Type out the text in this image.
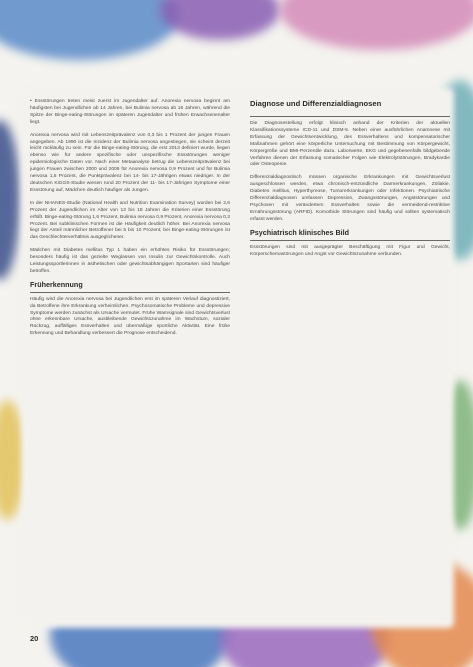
• Essstörungen treten meist zuerst im Jugendalter auf. Anorexia nervosa beginnt am häufigsten bei Jugendlichen ab 14 Jahren, bei Bulimia nervosa ab 16 Jahren, während die Spitze der Binge-eating-Störungen im späteren Jugendalter und frühen Erwachsenenalter liegt.

Anorexia nervosa wird mit Lebenszeitprävalenz von 0,3 bis 1 Prozent der jungen Frauen angegeben. Ab 1990 ist die Inzidenz der Bulimia nervosa angestiegen, sie scheint derzeit leicht rückläufig zu sein. Für die Binge-eating-Störung, die erst 2013 definiert wurde, liegen ebenso wie für andere spezifische oder unspezifische Essstörungen weniger epidemiologische Daten vor. Nach einer Metaanalyse betrug die Lebenszeitprävalenz bei jungen Frauen zwischen 2000 und 2006 für Anorexia nervosa 0,9 Prozent und für Bulimia nervosa 1,5 Prozent, die Punktprävalenz bei 14- bis 17-Jährigen etwas niedriger. In der deutschen KiGGS-Studie wiesen rund 20 Prozent der 11- bis 17-Jährigen Symptome einer Essstörung auf, Mädchen deutlich häufiger als Jungen.

In der NHANES-Studie (National Health and Nutrition Examination Survey) wurden bei 2,6 Prozent der Jugendlichen im Alter von 13 bis 18 Jahren die Kriterien einer Essstörung erfüllt. Binge-eating-Störung 1,6 Prozent, Bulimia nervosa 0,9 Prozent, Anorexia nervosa 0,3 Prozent. Bei subklinischen Formen ist die Häufigkeit deutlich höher. Bei Anorexia nervosa liegt der Anteil männlicher Betroffener bei 5 bis 10 Prozent; bei Binge-eating-Störungen ist das Geschlechterverhältnis ausgeglichener.

Mädchen mit Diabetes mellitus Typ 1 haben ein erhöhtes Risiko für Essstörungen; besonders häufig ist das gezielte Weglassen von Insulin zur Gewichtskontrolle. Auch Leistungssportlerinnen in ästhetischen oder gewichtsabhängigen Sportarten sind häufiger betroffen.

Früherkennung

Häufig wird die Anorexia nervosa bei Jugendlichen erst im späteren Verlauf diagnostiziert, da Betroffene ihre Erkrankung verheimlichen. Psychosomatische Probleme und depressive Symptome werden zunächst als Ursache vermutet. Frühe Warnsignale sind Gewichtsverlust ohne erkennbare Ursache, ausbleibende Gewichtszunahme im Wachstum, sozialer Rückzug, auffälliges Essverhalten und übermäßige sportliche Aktivität. Eine frühe Erkennung und Behandlung verbessert die Prognose entscheidend.

Diagnose und Differenzialdiagnosen

Die Diagnosestellung erfolgt klinisch anhand der Kriterien der aktuellen Klassifikationssysteme ICD-11 und DSM-5. Neben einer ausführlichen Anamnese mit Erfassung der Gewichtsentwicklung, des Essverhaltens und kompensatorischer Maßnahmen gehört eine körperliche Untersuchung mit Bestimmung von Körpergewicht, Körpergröße und BMI-Perzentile dazu. Laborwerte, EKG und gegebenenfalls bildgebende Verfahren dienen der Erfassung somatischer Folgen wie Elektrolytstörungen, Bradykardie oder Osteopenie.

Differenzialdiagnostisch müssen organische Erkrankungen mit Gewichtsverlust ausgeschlossen werden, etwa chronisch-entzündliche Darmerkrankungen, Zöliakie, Diabetes mellitus, Hyperthyreose, Tumorerkrankungen oder Infektionen. Psychiatrische Differenzialdiagnosen umfassen Depression, Zwangsstörungen, Angststörungen und Psychosen mit verändertem Essverhalten sowie die vermeidend-restriktive Ernährungsstörung (ARFID). Komorbide Störungen sind häufig und sollten systematisch erfasst werden.

Psychiatrisch klinisches Bild

Essstörungen sind mit ausgeprägter Beschäftigung mit Figur und Gewicht, Körperschemastörungen und Angst vor Gewichtszunahme verbunden.

20
